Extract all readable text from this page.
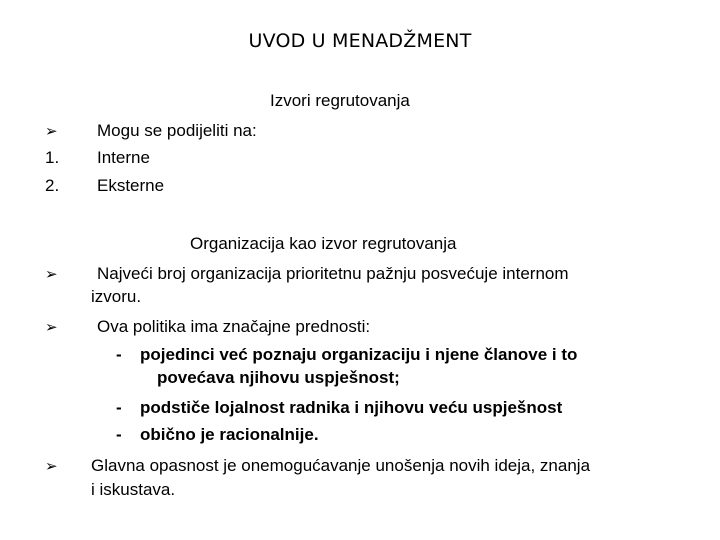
UVOD U MENADŽMENT
Izvori regrutovanja
➢ Mogu se podijeliti na:
1. Interne
2. Eksterne
Organizacija kao izvor regrutovanja
➢ Najveći broj organizacija prioritetnu pažnju posvećuje internom
izvoru.
➢ Ova politika ima značajne prednosti:
- pojedinci već poznaju organizaciju i njene članove i to
povećava njihovu uspješnost;
- podstiče lojalnost radnika i njihovu veću uspješnost
- obično je racionalnije.
➢ Glavna opasnost je onemogućavanje unošenja novih ideja, znanja
i iskustava.
